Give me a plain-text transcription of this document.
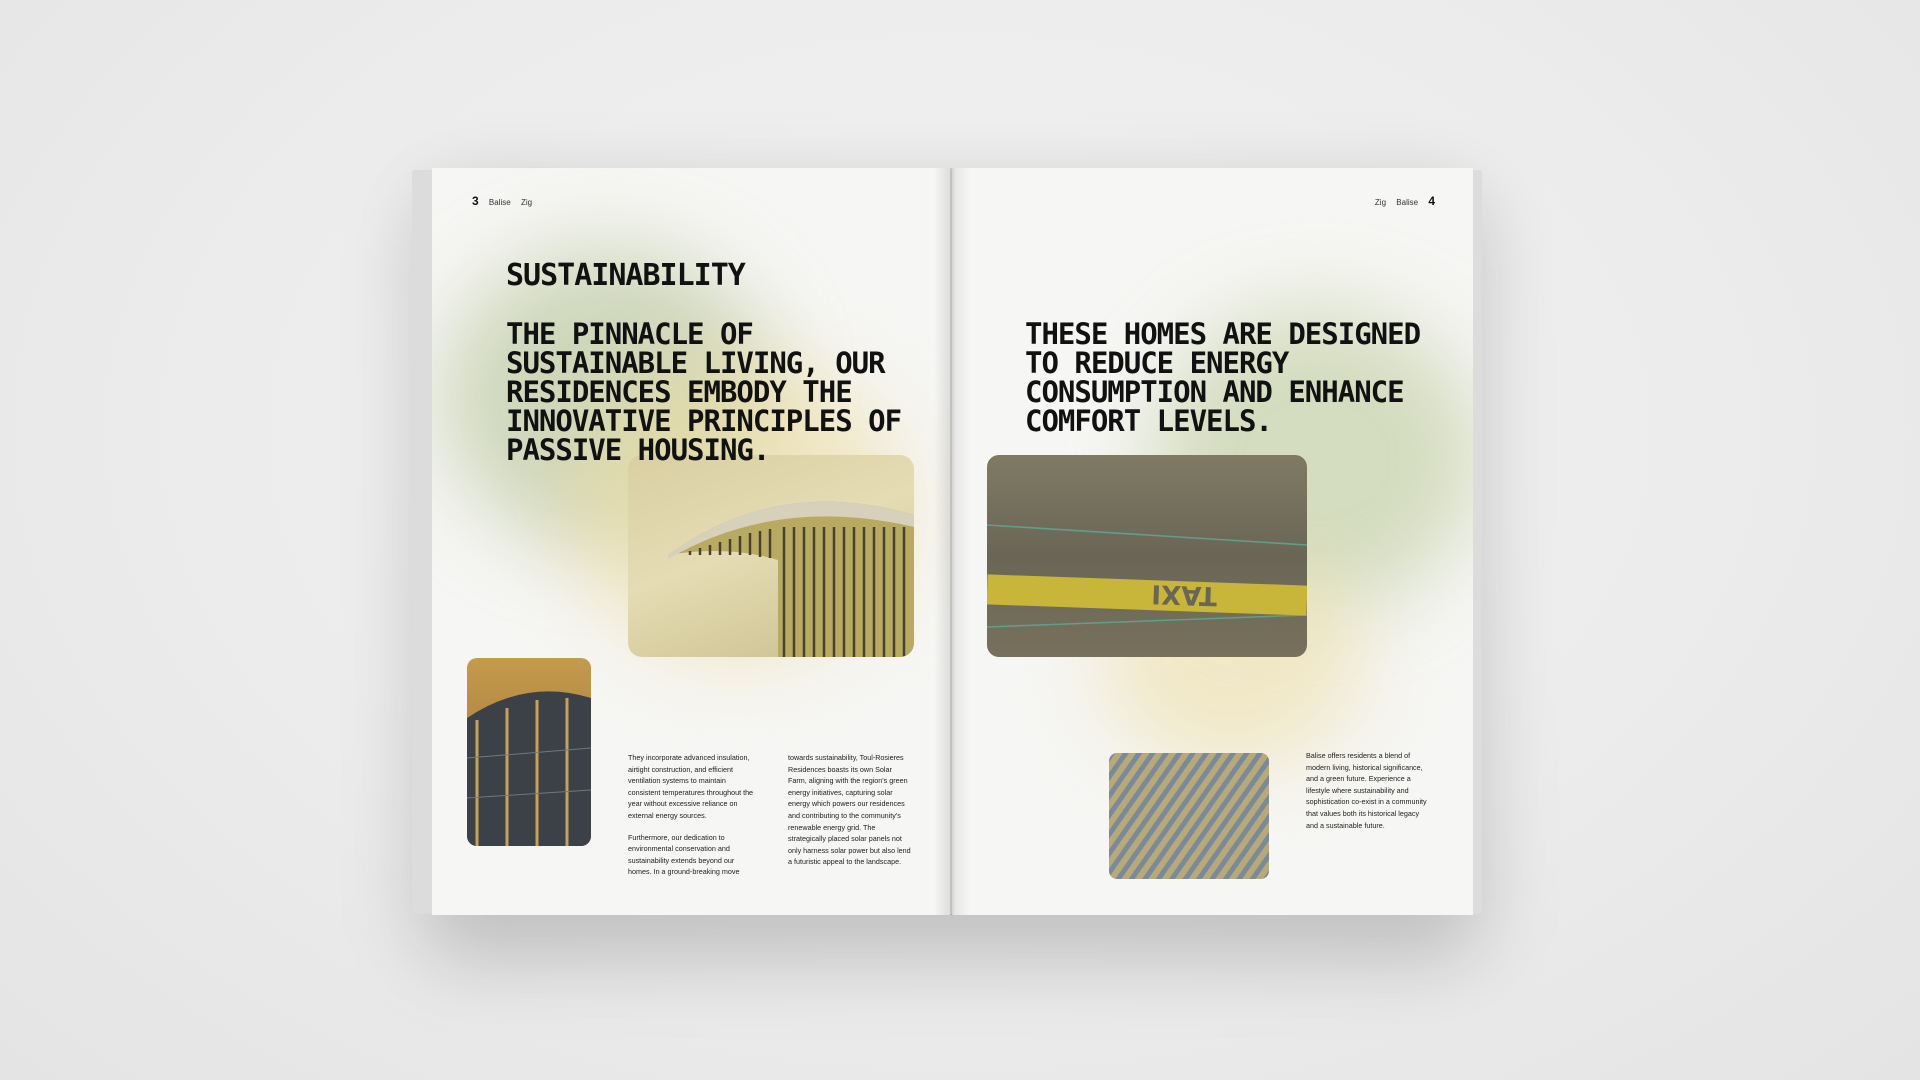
3 Balise Zig
SUSTAINABILITY
THE PINNACLE OF SUSTAINABLE LIVING, OUR RESIDENCES EMBODY THE INNOVATIVE PRINCIPLES OF PASSIVE HOUSING.

They incorporate advanced insulation, airtight construction, and efficient ventilation systems to maintain consistent temperatures throughout the year without excessive reliance on external energy sources.

Furthermore, our dedication to environmental conservation and sustainability extends beyond our homes. In a ground-breaking move

towards sustainability, Toul-Rosieres Residences boasts its own Solar Farm, aligning with the region's green energy initiatives, capturing solar energy which powers our residences and contributing to the community's renewable energy grid. The strategically placed solar panels not only harness solar power but also lend a futuristic appeal to the landscape.

Zig Balise 4
TAXI
THESE HOMES ARE DESIGNED TO REDUCE ENERGY CONSUMPTION AND ENHANCE COMFORT LEVELS.

Balise offers residents a blend of modern living, historical significance, and a green future. Experience a lifestyle where sustainability and sophistication co-exist in a community that values both its historical legacy and a sustainable future.
